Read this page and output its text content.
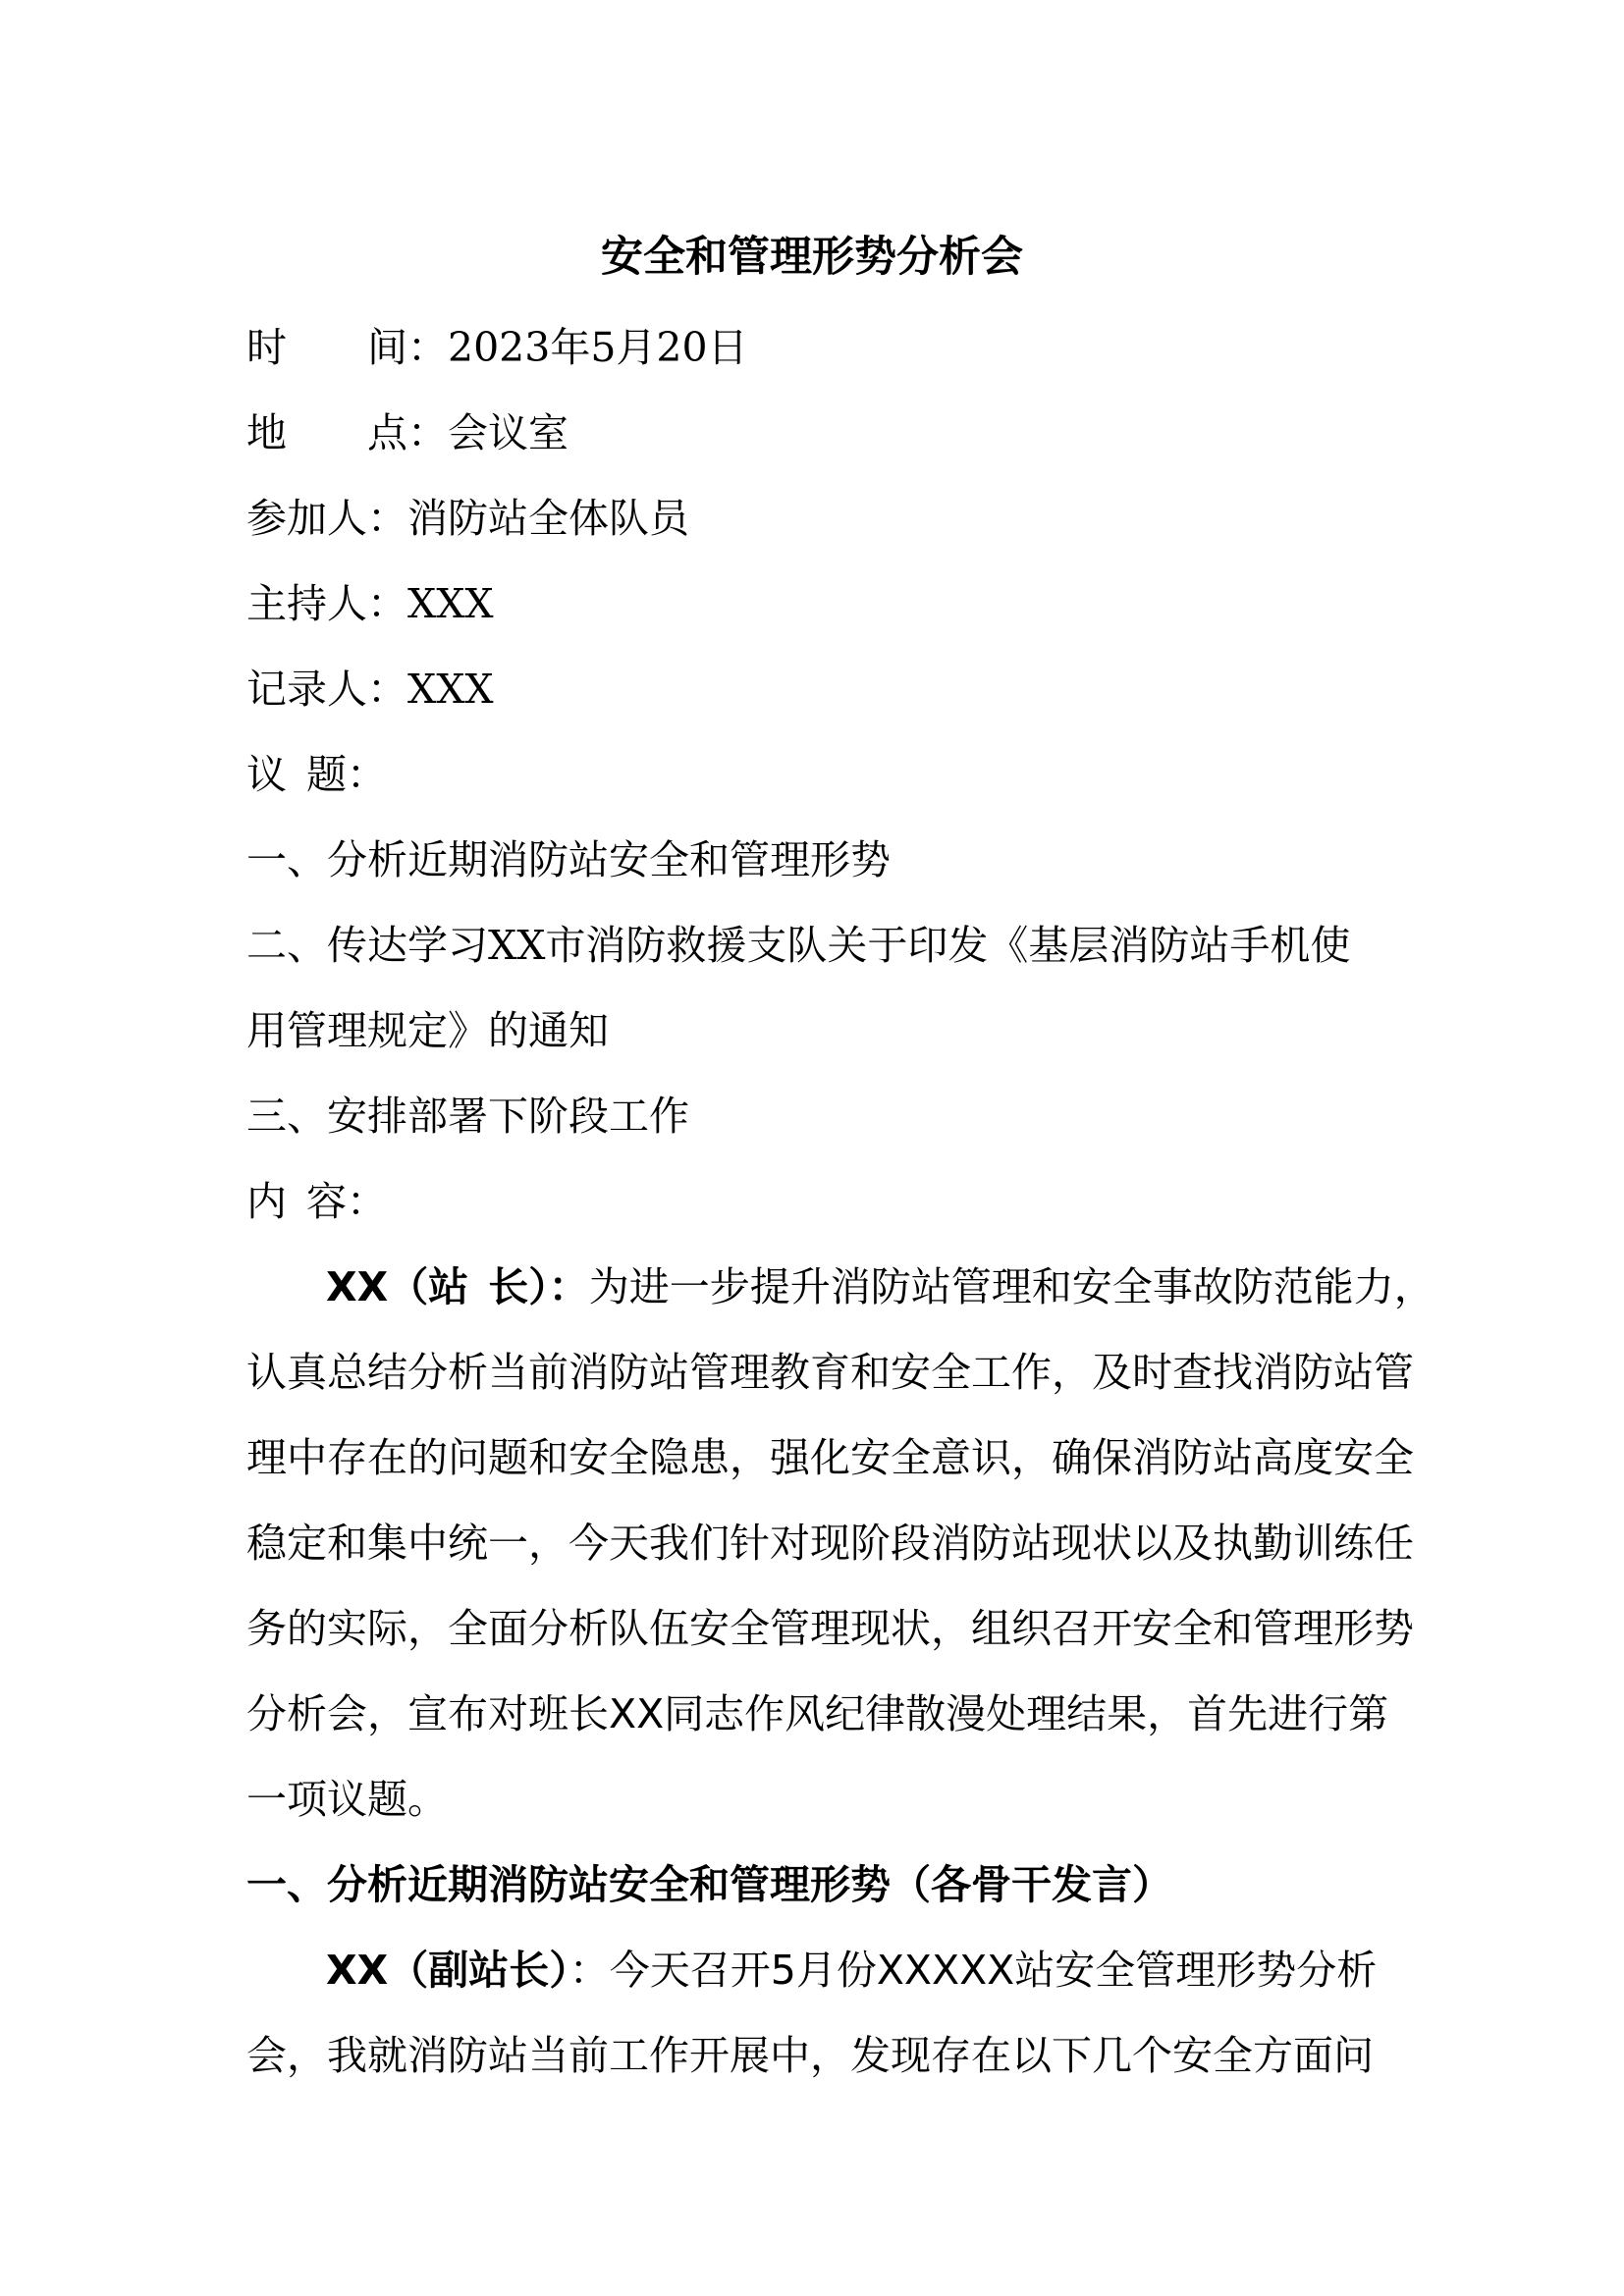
安全和管理形势分析会
时 间：2023年5月20日
地 点：会议室
参加人：消防站全体队员
主持人：XXX
记录人：XXX
议 题：
一、分析近期消防站安全和管理形势
二、传达学习XX市消防救援支队关于印发《基层消防站手机使
用管理规定》的通知
三、安排部署下阶段工作
内 容：
XX（站 长）：为进一步提升消防站管理和安全事故防范能力，
认真总结分析当前消防站管理教育和安全工作，及时查找消防站管
理中存在的问题和安全隐患，强化安全意识，确保消防站高度安全
稳定和集中统一，今天我们针对现阶段消防站现状以及执勤训练任
务的实际，全面分析队伍安全管理现状，组织召开安全和管理形势
分析会，宣布对班长XX同志作风纪律散漫处理结果，首先进行第
一项议题。
一、分析近期消防站安全和管理形势（各骨干发言）
XX（副站长）：今天召开5月份XXXXX站安全管理形势分析
会，我就消防站当前工作开展中，发现存在以下几个安全方面问
